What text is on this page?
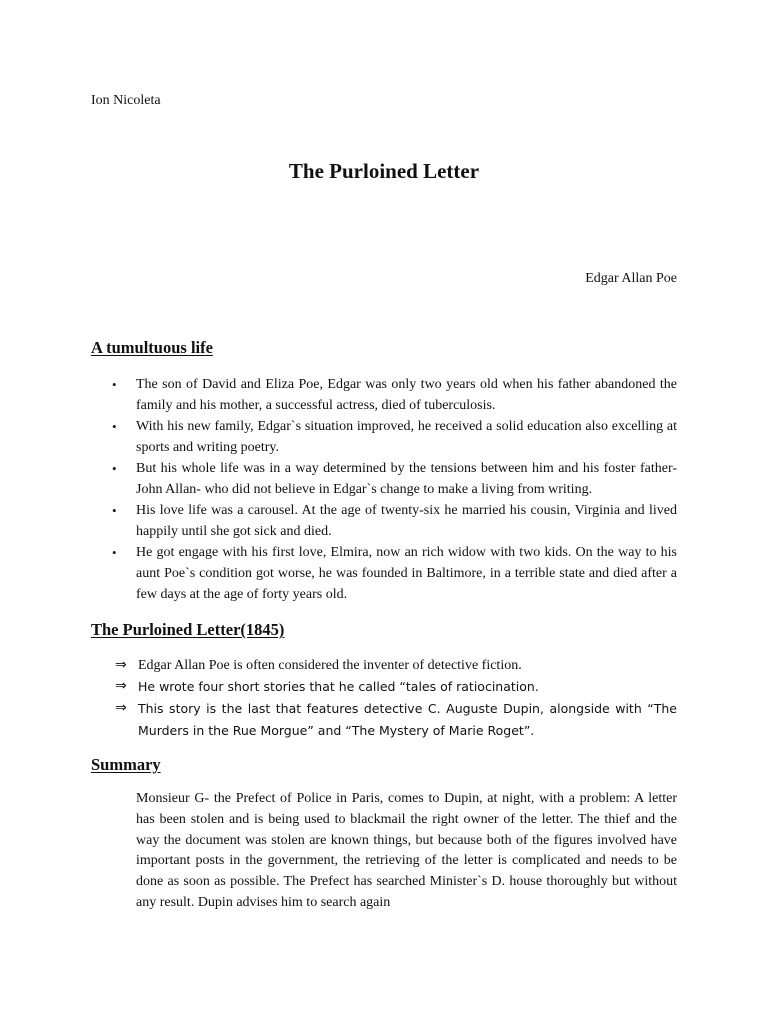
Ion Nicoleta
The Purloined Letter
Edgar Allan Poe
A tumultuous life
• The son of David and Eliza Poe, Edgar was only two years old when his father abandoned the family and his mother, a successful actress, died of tuberculosis.
• With his new family, Edgar`s situation improved, he received a solid education also excelling at sports and writing poetry.
• But his whole life was in a way determined by the tensions between him and his foster father- John Allan- who did not believe in Edgar`s change to make a living from writing.
• His love life was a carousel. At the age of twenty-six he married his cousin, Virginia and lived happily until she got sick and died.
• He got engage with his first love, Elmira, now an rich widow with two kids. On the way to his aunt Poe`s condition got worse, he was founded in Baltimore, in a terrible state and died after a few days at the age of forty years old.
The Purloined Letter(1845)
⇒ Edgar Allan Poe is often considered the inventer of detective fiction.
⇒ He wrote four short stories that he called “tales of ratiocination.
⇒ This story is the last that features detective C. Auguste Dupin, alongside with “The Murders in the Rue Morgue” and “The Mystery of Marie Roget”.
Summary

Monsieur G- the Prefect of Police in Paris, comes to Dupin, at night, with a problem: A letter has been stolen and is being used to blackmail the right owner of the letter. The thief and the way the document was stolen are known things, but because both of the figures involved have important posts in the government, the retrieving of the letter is complicated and needs to be done as soon as possible. The Prefect has searched Minister`s D. house thoroughly but without any result. Dupin advises him to search again
